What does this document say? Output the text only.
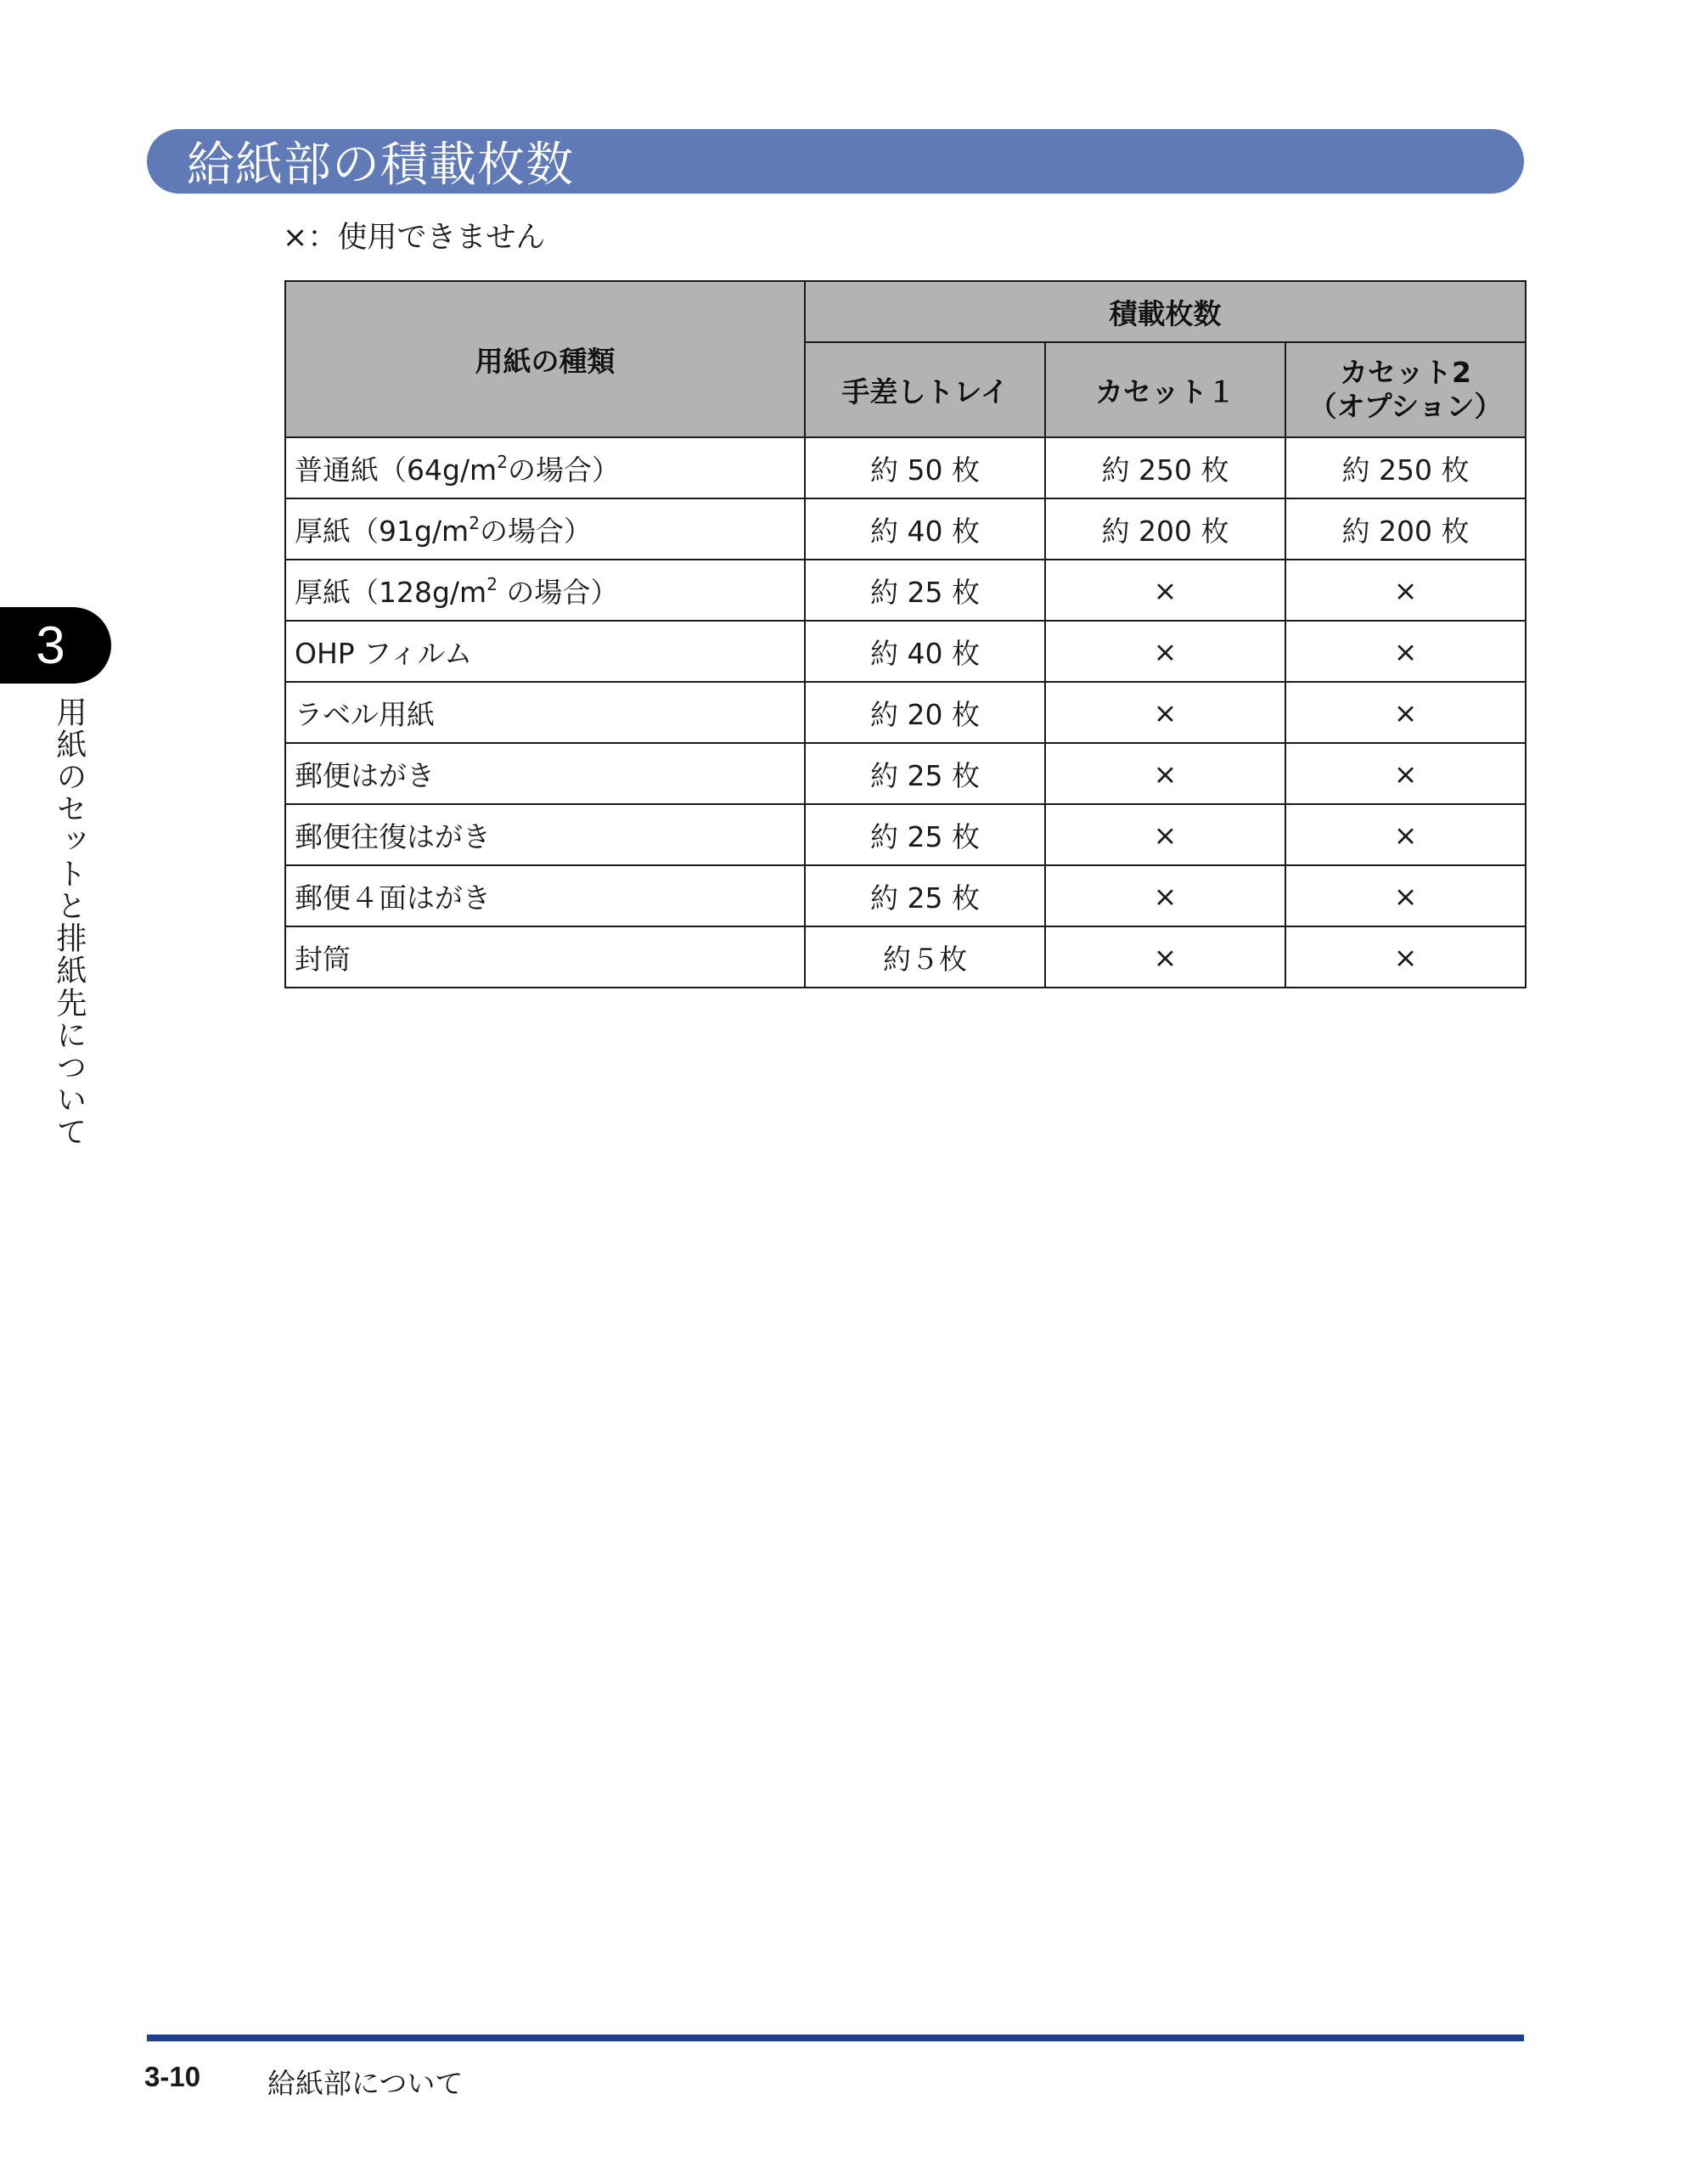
給紙部の積載枚数
×：使用できません
用紙の種類	積載枚数		
	手差しトレイ	カセット１	カセット2
（オプション）
普通紙（$64g/m^2$の場合）	約 50 枚	約 250 枚	約 250 枚
厚紙（$91g/m^2$の場合）	約 40 枚	約 200 枚	約 200 枚
厚紙（$128g/m^2$ の場合）	約 25 枚	×	×
OHP フィルム	約 40 枚	×	×
ラベル用紙	約 20 枚	×	×
郵便はがき	約 25 枚	×	×
郵便往復はがき	約 25 枚	×	×
郵便４面はがき	約 25 枚	×	×
封筒	約５枚	×	×
3
用紙のセットと排紙先について
3-10 給紙部について
